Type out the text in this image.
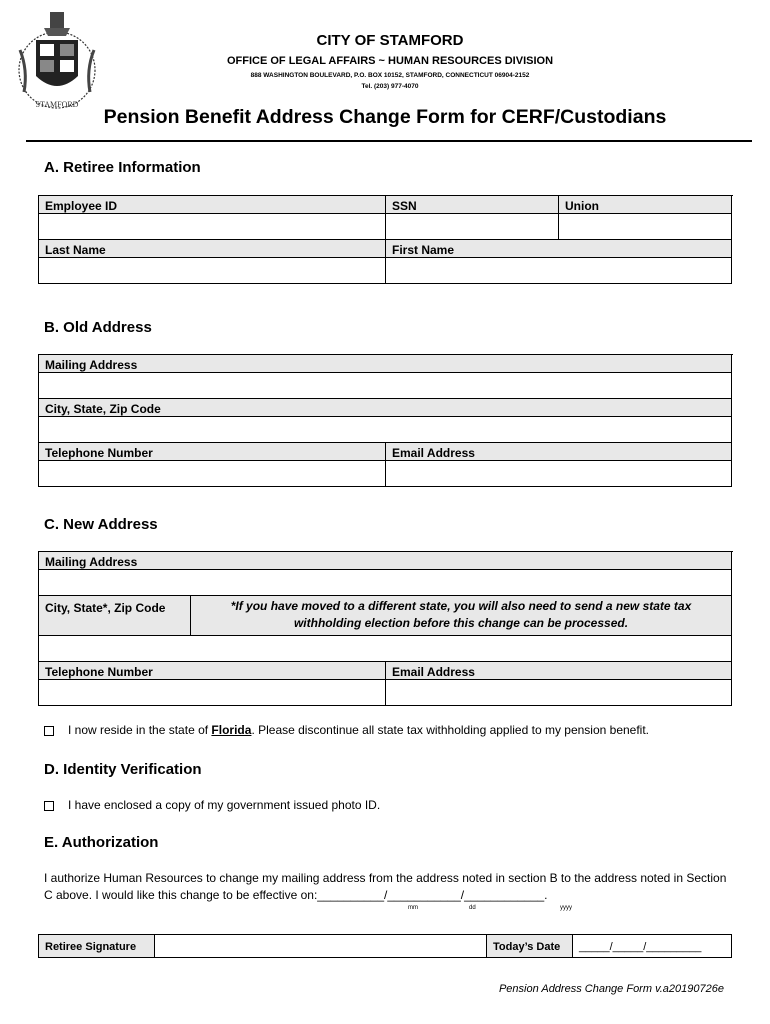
STAMFORD
CITY OF STAMFORD
OFFICE OF LEGAL AFFAIRS ~ HUMAN RESOURCES DIVISION
888 WASHINGTON BOULEVARD, P.O. BOX 10152, STAMFORD, CONNECTICUT 06904-2152
Tel. (203) 977-4070
Pension Benefit Address Change Form for CERF/Custodians
A. Retiree Information
Employee ID	SSN	Union
Last Name	First Name
B. Old Address
Mailing Address
City, State, Zip Code
Telephone Number	Email Address
C. New Address
Mailing Address
City, State*, Zip Code	*If you have moved to a different state, you will also need to send a new state tax withholding election before this change can be processed.
Telephone Number	Email Address
I now reside in the state of Florida. Please discontinue all state tax withholding applied to my pension benefit.
D. Identity Verification
I have enclosed a copy of my government issued photo ID.
E. Authorization
I authorize Human Resources to change my mailing address from the address noted in section B to the address noted in Section C above. I would like this change to be effective on:__________/___________/____________.
mm	dd	yyyy
Retiree Signature	Today’s Date	_____/_____/_________
Pension Address Change Form v.a20190726e
